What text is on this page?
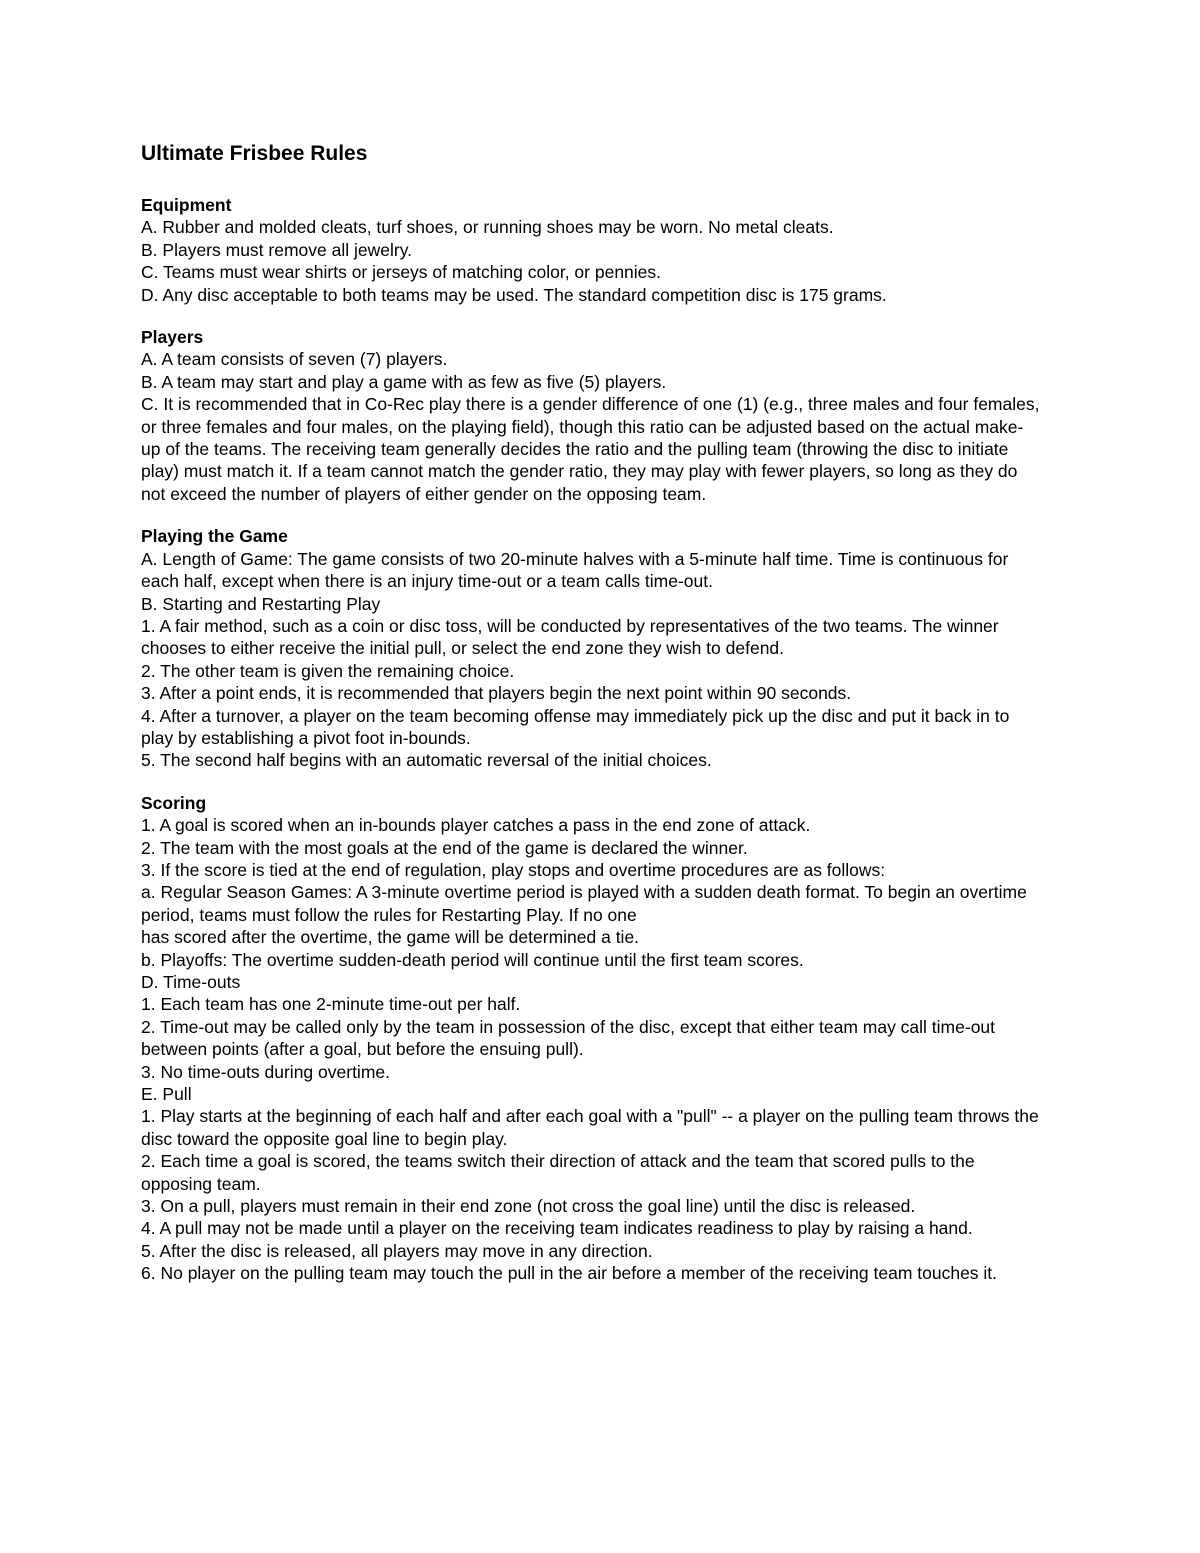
Ultimate Frisbee Rules
Equipment
A. Rubber and molded cleats, turf shoes, or running shoes may be worn. No metal cleats.
B. Players must remove all jewelry.
C. Teams must wear shirts or jerseys of matching color, or pennies.
D. Any disc acceptable to both teams may be used. The standard competition disc is 175 grams.
Players
A. A team consists of seven (7) players.
B. A team may start and play a game with as few as five (5) players.
C. It is recommended that in Co-Rec play there is a gender difference of one (1) (e.g., three males and four females, or three females and four males, on the playing field), though this ratio can be adjusted based on the actual make-up of the teams. The receiving team generally decides the ratio and the pulling team (throwing the disc to initiate play) must match it. If a team cannot match the gender ratio, they may play with fewer players, so long as they do not exceed the number of players of either gender on the opposing team.
Playing the Game
A. Length of Game: The game consists of two 20-minute halves with a 5-minute half time. Time is continuous for each half, except when there is an injury time-out or a team calls time-out.
B. Starting and Restarting Play
1. A fair method, such as a coin or disc toss, will be conducted by representatives of the two teams. The winner chooses to either receive the initial pull, or select the end zone they wish to defend.
2. The other team is given the remaining choice.
3. After a point ends, it is recommended that players begin the next point within 90 seconds.
4. After a turnover, a player on the team becoming offense may immediately pick up the disc and put it back in to play by establishing a pivot foot in-bounds.
5. The second half begins with an automatic reversal of the initial choices.
Scoring
1. A goal is scored when an in-bounds player catches a pass in the end zone of attack.
2. The team with the most goals at the end of the game is declared the winner.
3. If the score is tied at the end of regulation, play stops and overtime procedures are as follows:
a. Regular Season Games: A 3-minute overtime period is played with a sudden death format. To begin an overtime period, teams must follow the rules for Restarting Play. If no one
has scored after the overtime, the game will be determined a tie.
b. Playoffs: The overtime sudden-death period will continue until the first team scores.
D. Time-outs
1. Each team has one 2-minute time-out per half.
2. Time-out may be called only by the team in possession of the disc, except that either team may call time-out between points (after a goal, but before the ensuing pull).
3. No time-outs during overtime.
E. Pull
1. Play starts at the beginning of each half and after each goal with a "pull" -- a player on the pulling team throws the disc toward the opposite goal line to begin play.
2. Each time a goal is scored, the teams switch their direction of attack and the team that scored pulls to the opposing team.
3. On a pull, players must remain in their end zone (not cross the goal line) until the disc is released.
4. A pull may not be made until a player on the receiving team indicates readiness to play by raising a hand.
5. After the disc is released, all players may move in any direction.
6. No player on the pulling team may touch the pull in the air before a member of the receiving team touches it.
